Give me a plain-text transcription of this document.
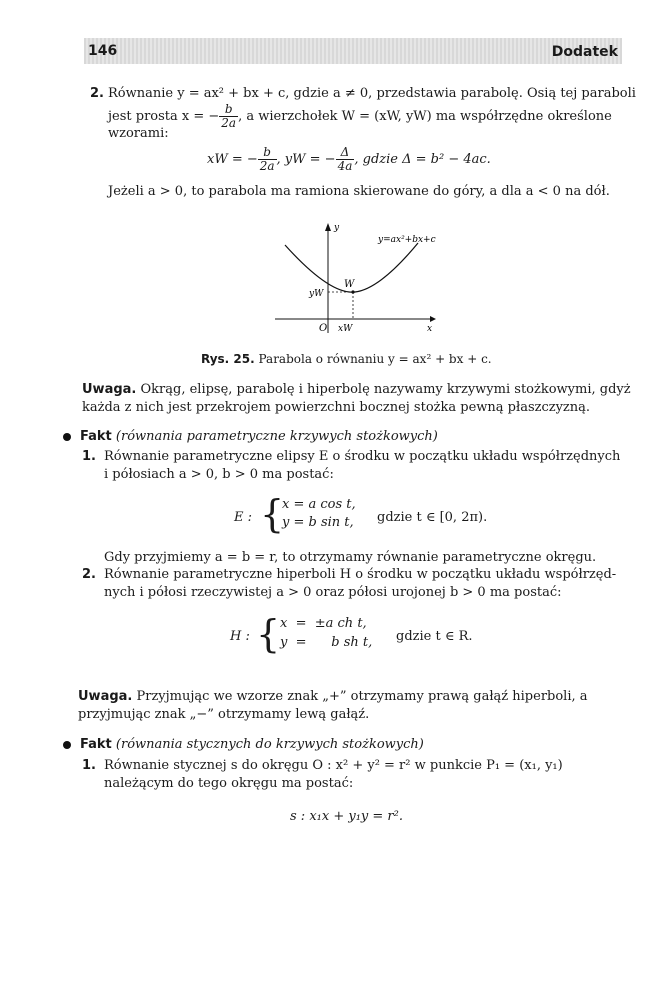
146	Dodatek
2. Równanie y = ax² + bx + c, gdzie a ≠ 0, przedstawia parabolę. Osią tej paraboli
jest prosta x = − $\frac{b}{2a}$ , a wierzchołek W = (xW, yW) ma współrzędne określone
wzorami:
xW = − $\frac{b}{2a}$ , yW = − $\frac{\Delta}{4a}$ , gdzie Δ = b² − 4ac.
Jeżeli a > 0, to parabola ma ramiona skierowane do góry, a dla a < 0 na dół.
y
y=ax²+bx+c
W
yW
O xW	x
Rys. 25. Parabola o równaniu y = ax² + bx + c.
Uwaga. Okrąg, elipsę, parabolę i hiperbolę nazywamy krzywymi stożkowymi, gdyż
każda z nich jest przekrojem powierzchni bocznej stożka pewną płaszczyzną.
Fakt (równania parametryczne krzywych stożkowych)
1. Równanie parametryczne elipsy E o środku w początku układu współrzędnych
i półosiach a > 0, b > 0 ma postać:
E : {
x = a cos t,
y = b sin t, gdzie t ∈ [0, 2π).
Gdy przyjmiemy a = b = r, to otrzymamy równanie parametryczne okręgu.
2. Równanie parametryczne hiperboli H o środku w początku układu współrzęd-
nych i półosi rzeczywistej a > 0 oraz półosi urojonej b > 0 ma postać:
H : { x  =  ±a ch t,
y  =      b sh t, gdzie t ∈ R.
Uwaga. Przyjmując we wzorze znak „+” otrzymamy prawą gałąź hiperboli, a
przyjmując znak „−” otrzymamy lewą gałąź.
Fakt (równania stycznych do krzywych stożkowych)
1. Równanie stycznej s do okręgu O : x² + y² = r² w punkcie P₁ = (x₁, y₁)
należącym do tego okręgu ma postać:
s : x₁x + y₁y = r².
